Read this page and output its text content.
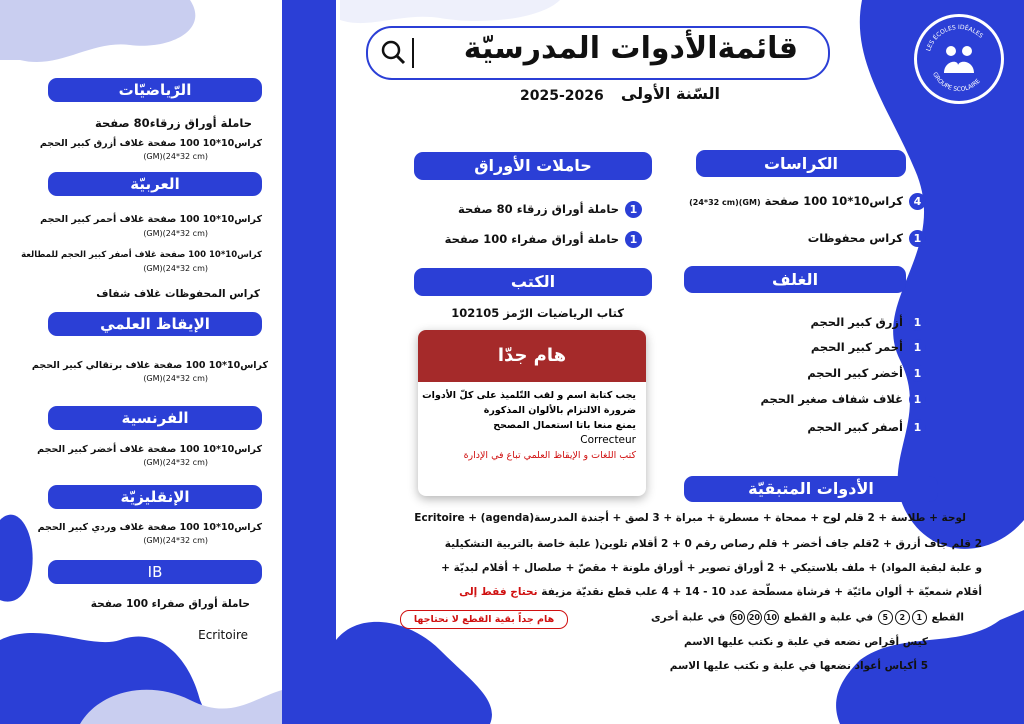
LES ÉCOLES IDÉALES
GROUPE SCOLAIRE
قائمةالأدوات المدرسيّة
السّنة الأولى
2025-2026
الكراسات
4كراس10*10 100 صفحة (GM)(24*32 cm)
1كراس محفوظات
الغلف
1أزرق كبير الحجم
1أحمر كبير الحجم
1أخضر كبير الحجم
1غلاف شفاف صغير الحجم
1أصفر كبير الحجم
حاملات الأوراق
1حاملة أوراق زرقاء 80 صفحة
1حاملة أوراق صفراء 100 صفحة
الكتب
كتاب الرياضيات الرّمز 102105
هام جدّا
يجب كتابة اسم و لقب التّلميذ على كلّ الأدوات
ضرورة الالتزام بالألوان المذكورة
يمنع منعا باتا استعمال المصحح
Correcteur
كتب اللغات و الإيقاظ العلمي تباع في الإدارة
الأدوات المتبقيّة
لوحة + طلاسة + 2 قلم لوح + ممحاة + مسطرة + مبراة + 3 لصق + أجندة المدرسة(agenda) + Ecritoire
2 قلم جاف أزرق + 2قلم جاف أخضر + قلم رصاص رقم 0 + 2 أقلام تلوين( علبة خاصة بالتربية التشكيلية
و علبة لبقية المواد) + ملف بلاستيكي + 2 أوراق تصوير + أوراق ملونة + مقصّ + صلصال + أقلام لبديّة +
أقلام شمعيّة + ألوان مائيّة + فرشاة مسطّحة عدد 10 - 14 + 4 علب قطع نقديّة مزيفة نحتاج فقط إلى
القطع 125 في علبة و القطع 102050 في علبة أخرى
هام جداً بقية القطع لا نحتاجها
كيس أقراص نضعه في علبة و نكتب عليها الاسم
5 أكياس أعواد نضعها في علبة و نكتب عليها الاسم
الرّياضيّات
حاملة أوراق زرقاء80 صفحة
كراس10*10 100 صفحة غلاف أزرق كبير الحجم
(GM)(24*32 cm)
العربيّة
كراس10*10 100 صفحة غلاف أحمر كبير الحجم
(GM)(24*32 cm)
كراس10*10 100 صفحة غلاف أصفر كبير الحجم للمطالعة
(GM)(24*32 cm)
كراس المحفوظات غلاف شفاف
الإيقاظ العلمي
كراس10*10 100 صفحة غلاف برتقالي كبير الحجم
(GM)(24*32 cm)
الفرنسية
كراس10*10 100 صفحة غلاف أخضر كبير الحجم
(GM)(24*32 cm)
الإنقليزيّة
كراس10*10 100 صفحة غلاف وردي كبير الحجم
(GM)(24*32 cm)
IB
حاملة أوراق صفراء 100 صفحة
Ecritoire
